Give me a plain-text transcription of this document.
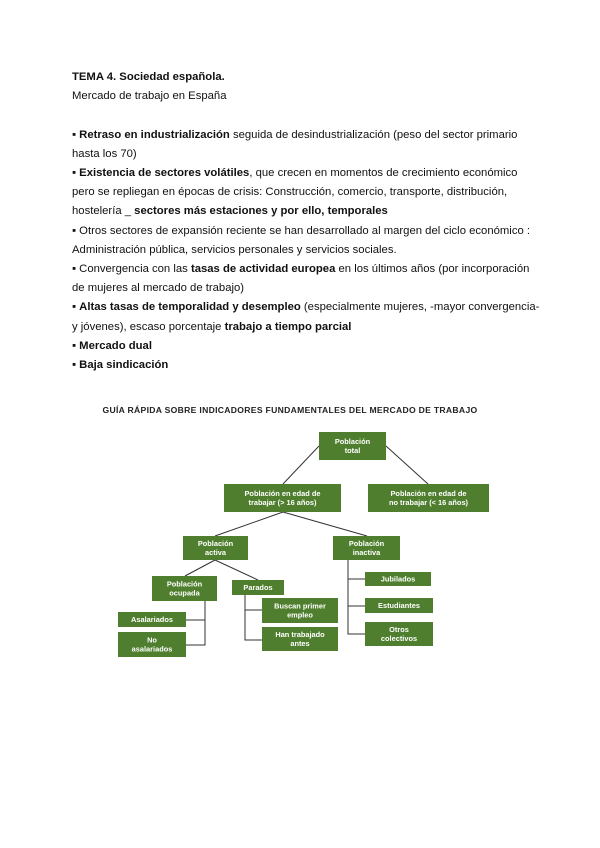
TEMA 4. Sociedad española.

Mercado de trabajo en España

▪ Retraso en industrialización seguida de desindustrialización (peso del sector primario hasta los 70)

▪ Existencia de sectores volátiles, que crecen en momentos de crecimiento económico pero se repliegan en épocas de crisis: Construcción, comercio, transporte, distribución, hostelería _ sectores más estaciones y por ello, temporales

▪ Otros sectores de expansión reciente se han desarrollado al margen del ciclo económico : Administración pública, servicios personales y servicios sociales.

▪ Convergencia con las tasas de actividad europea en los últimos años (por incorporación de mujeres al mercado de trabajo)

▪ Altas tasas de temporalidad y desempleo (especialmente mujeres, -mayor convergencia- y jóvenes), escaso porcentaje trabajo a tiempo parcial

▪ Mercado dual

▪ Baja sindicación

GUÍA RÁPIDA SOBRE INDICADORES FUNDAMENTALES DEL MERCADO DE TRABAJO
Población
total
Población en edad de
trabajar (> 16 años)
Población en edad de
no trabajar (< 16 años)
Población
activa
Población
inactiva
Población
ocupada
Parados
Asalariados
No
asalariados
Buscan primer
empleo
Han trabajado
antes
Jubilados
Estudiantes
Otros
colectivos
